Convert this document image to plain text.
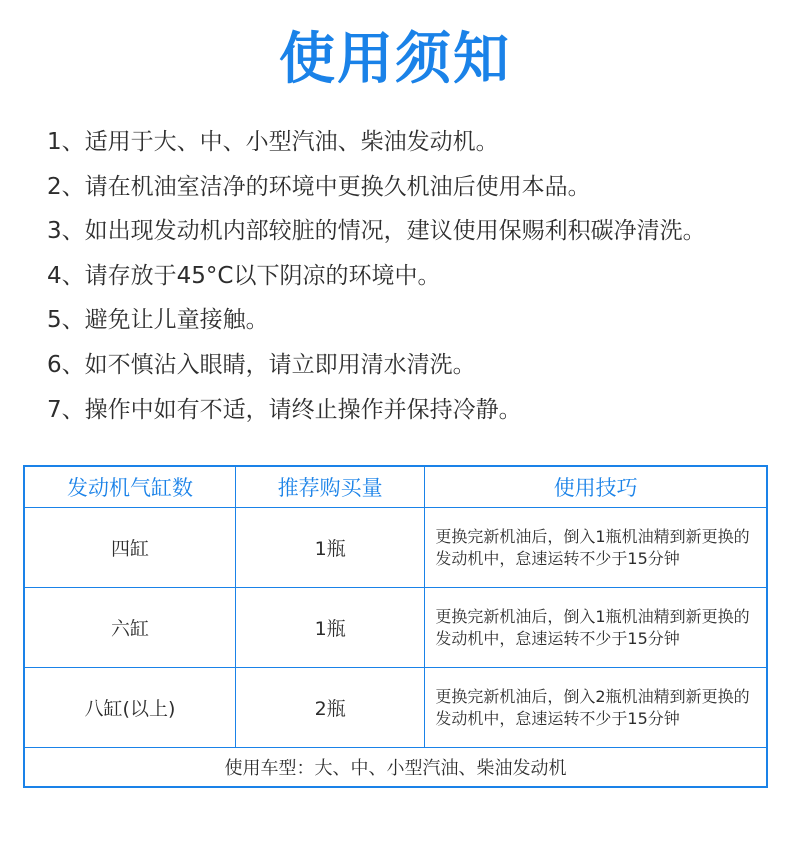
使用须知
1、适用于大、中、小型汽油、柴油发动机。
2、请在机油室洁净的环境中更换久机油后使用本品。
3、如出现发动机内部较脏的情况，建议使用保赐利积碳净清洗。
4、请存放于45°C以下阴凉的环境中。
5、避免让儿童接触。
6、如不慎沾入眼睛，请立即用清水清洗。
7、操作中如有不适，请终止操作并保持冷静。
发动机气缸数	推荐购买量	使用技巧
四缸	1瓶	更换完新机油后，倒入1瓶机油精到新更换的发动机中，怠速运转不少于15分钟
六缸	1瓶	更换完新机油后，倒入1瓶机油精到新更换的发动机中，怠速运转不少于15分钟
八缸(以上)	2瓶	更换完新机油后，倒入2瓶机油精到新更换的发动机中，怠速运转不少于15分钟
使用车型：大、中、小型汽油、柴油发动机		
